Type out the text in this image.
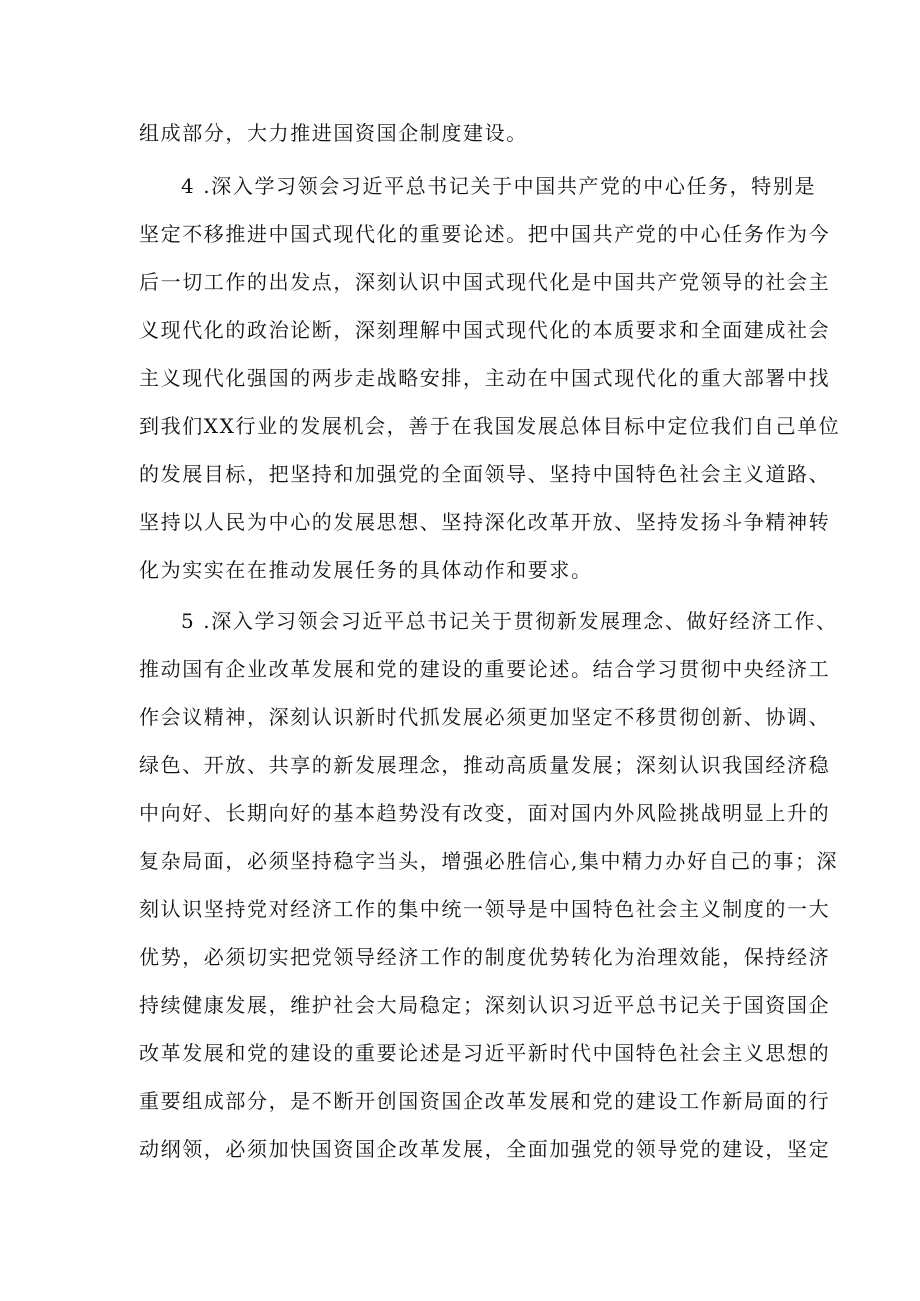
组成部分，大力推进国资国企制度建设。
4 .深入学习领会习近平总书记关于中国共产党的中心任务，特别是
坚定不移推进中国式现代化的重要论述。把中国共产党的中心任务作为今
后一切工作的出发点，深刻认识中国式现代化是中国共产党领导的社会主
义现代化的政治论断，深刻理解中国式现代化的本质要求和全面建成社会
主义现代化强国的两步走战略安排，主动在中国式现代化的重大部署中找
到我们XX行业的发展机会，善于在我国发展总体目标中定位我们自己单位
的发展目标，把坚持和加强党的全面领导、坚持中国特色社会主义道路、
坚持以人民为中心的发展思想、坚持深化改革开放、坚持发扬斗争精神转
化为实实在在推动发展任务的具体动作和要求。
5 .深入学习领会习近平总书记关于贯彻新发展理念、做好经济工作、
推动国有企业改革发展和党的建设的重要论述。结合学习贯彻中央经济工
作会议精神，深刻认识新时代抓发展必须更加坚定不移贯彻创新、协调、
绿色、开放、共享的新发展理念，推动高质量发展；深刻认识我国经济稳
中向好、长期向好的基本趋势没有改变，面对国内外风险挑战明显上升的
复杂局面，必须坚持稳字当头，增强必胜信心,集中精力办好自己的事；深
刻认识坚持党对经济工作的集中统一领导是中国特色社会主义制度的一大
优势，必须切实把党领导经济工作的制度优势转化为治理效能，保持经济
持续健康发展，维护社会大局稳定；深刻认识习近平总书记关于国资国企
改革发展和党的建设的重要论述是习近平新时代中国特色社会主义思想的
重要组成部分，是不断开创国资国企改革发展和党的建设工作新局面的行
动纲领，必须加快国资国企改革发展，全面加强党的领导党的建设，坚定
